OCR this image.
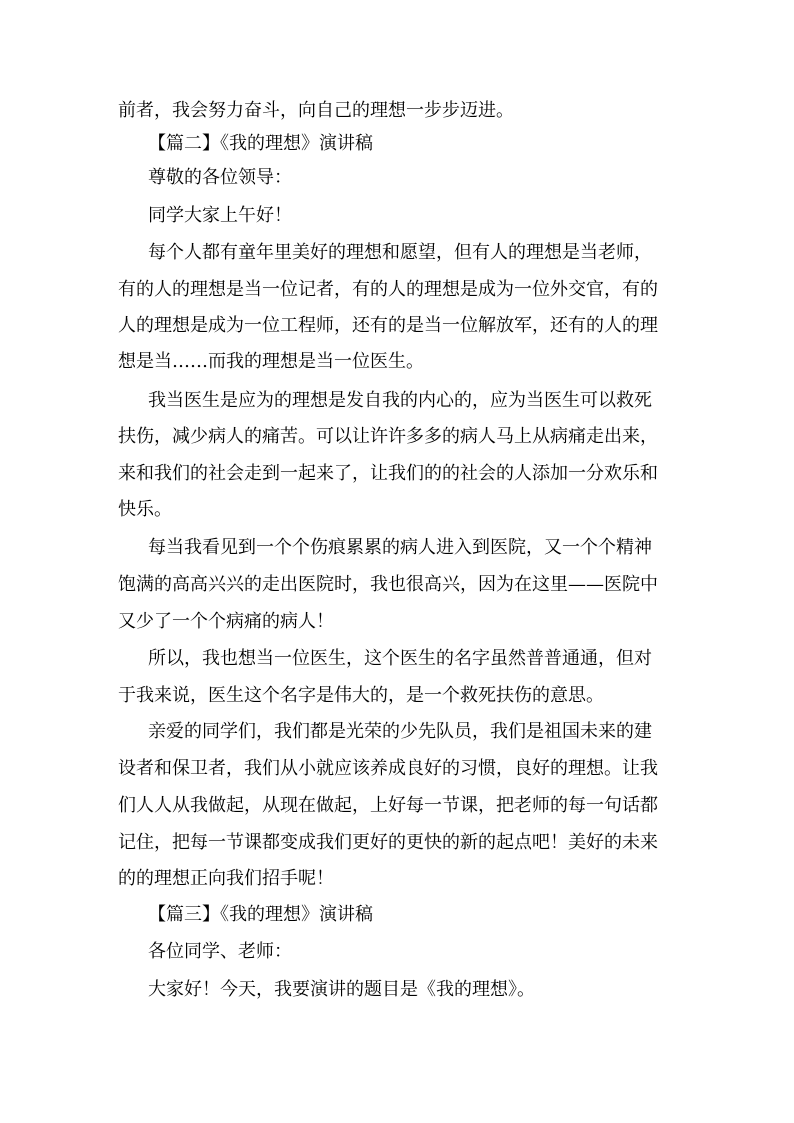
前者，我会努力奋斗，向自己的理想一步步迈进。
【篇二】《我的理想》演讲稿
尊敬的各位领导：
同学大家上午好！
每个人都有童年里美好的理想和愿望，但有人的理想是当老师，
有的人的理想是当一位记者，有的人的理想是成为一位外交官，有的
人的理想是成为一位工程师，还有的是当一位解放军，还有的人的理
想是当……而我的理想是当一位医生。
我当医生是应为的理想是发自我的内心的，应为当医生可以救死
扶伤，减少病人的痛苦。可以让许许多多的病人马上从病痛走出来，
来和我们的社会走到一起来了，让我们的的社会的人添加一分欢乐和
快乐。
每当我看见到一个个伤痕累累的病人进入到医院，又一个个精神
饱满的高高兴兴的走出医院时，我也很高兴，因为在这里——医院中
又少了一个个病痛的病人！
所以，我也想当一位医生，这个医生的名字虽然普普通通，但对
于我来说，医生这个名字是伟大的，是一个救死扶伤的意思。
亲爱的同学们，我们都是光荣的少先队员，我们是祖国未来的建
设者和保卫者，我们从小就应该养成良好的习惯，良好的理想。让我
们人人从我做起，从现在做起，上好每一节课，把老师的每一句话都
记住，把每一节课都变成我们更好的更快的新的起点吧！美好的未来
的的理想正向我们招手呢！
【篇三】《我的理想》演讲稿
各位同学、老师：
大家好！今天，我要演讲的题目是《我的理想》。
